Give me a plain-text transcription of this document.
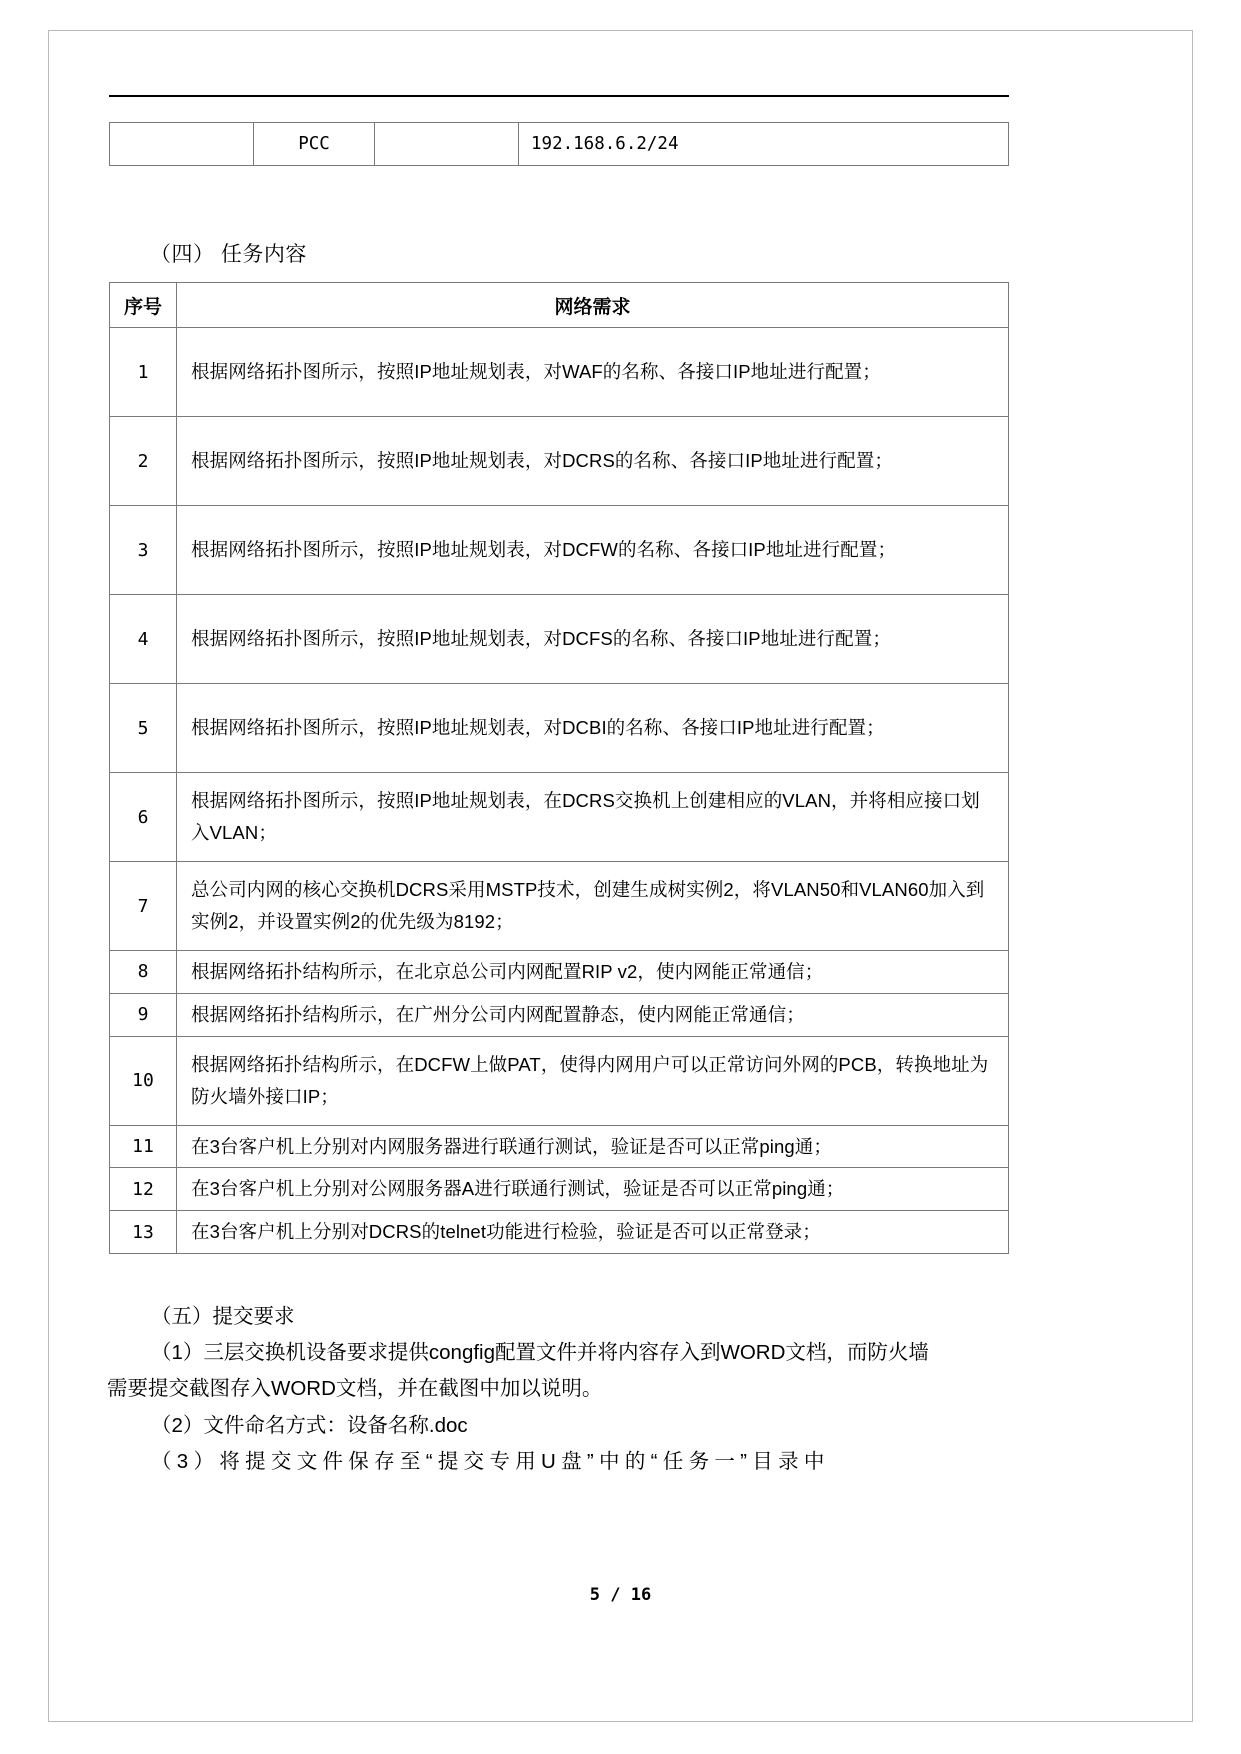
	PCC		192.168.6.2/24
（四） 任务内容
序号	网络需求
1	根据网络拓扑图所示，按照IP地址规划表，对WAF的名称、各接口IP地址进行配置；
2	根据网络拓扑图所示，按照IP地址规划表，对DCRS的名称、各接口IP地址进行配置；
3	根据网络拓扑图所示，按照IP地址规划表，对DCFW的名称、各接口IP地址进行配置；
4	根据网络拓扑图所示，按照IP地址规划表，对DCFS的名称、各接口IP地址进行配置；
5	根据网络拓扑图所示，按照IP地址规划表，对DCBI的名称、各接口IP地址进行配置；
6	根据网络拓扑图所示，按照IP地址规划表，在DCRS交换机上创建相应的VLAN，并将相应接口划入VLAN；
7	总公司内网的核心交换机DCRS采用MSTP技术，创建生成树实例2，将VLAN50和VLAN60加入到实例2，并设置实例2的优先级为8192；
8	根据网络拓扑结构所示，在北京总公司内网配置RIP v2，使内网能正常通信；
9	根据网络拓扑结构所示，在广州分公司内网配置静态，使内网能正常通信；
10	根据网络拓扑结构所示，在DCFW上做PAT，使得内网用户可以正常访问外网的PCB，转换地址为防火墙外接口IP；
11	在3台客户机上分别对内网服务器进行联通行测试，验证是否可以正常ping通；
12	在3台客户机上分别对公网服务器A进行联通行测试，验证是否可以正常ping通；
13	在3台客户机上分别对DCRS的telnet功能进行检验，验证是否可以正常登录；

（五）提交要求

（1）三层交换机设备要求提供congfig配置文件并将内容存入到WORD文档，而防火墙

需要提交截图存入WORD文档，并在截图中加以说明。

（2）文件命名方式：设备名称.doc

（3）将提交文件保存至“提交专用U盘”中的“任务一”目录中

5 / 16
